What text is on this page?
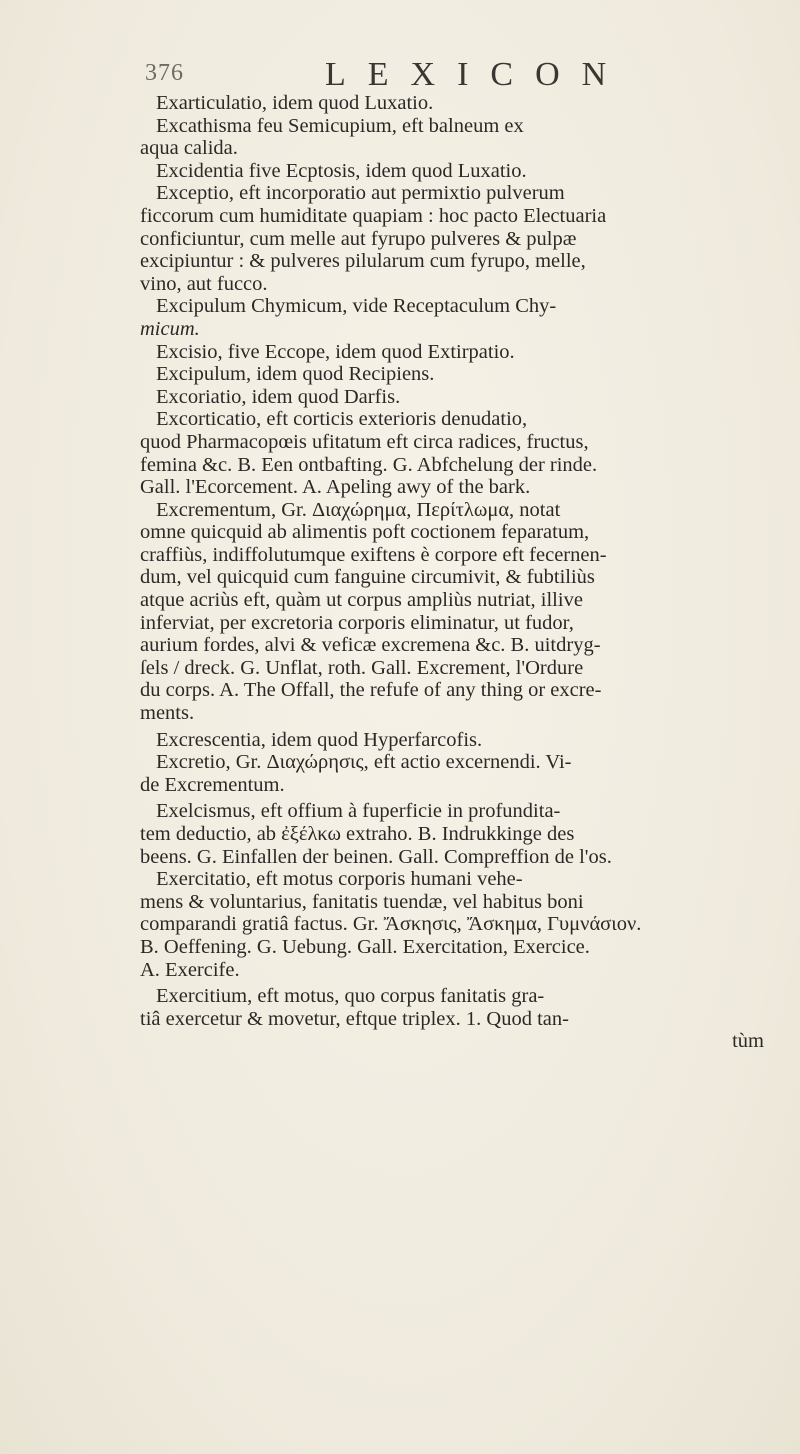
376	LEXICON
Exarticulatio, idem quod Luxatio.
Excathisma feu Semicupium, eft balneum ex
aqua calida.
Excidentia five Ecptosis, idem quod Luxatio.
Exceptio, eft incorporatio aut permixtio pulverum
ficcorum cum humiditate quapiam : hoc pacto Electuaria
conficiuntur, cum melle aut fyrupo pulveres & pulpæ
excipiuntur : & pulveres pilularum cum fyrupo, melle,
vino, aut fucco.
Excipulum Chymicum, vide Receptaculum Chy-
micum.
Excisio, five Eccope, idem quod Extirpatio.
Excipulum, idem quod Recipiens.
Excoriatio, idem quod Darfis.
Excorticatio, eft corticis exterioris denudatio,
quod Pharmacopœis ufitatum eft circa radices, fructus,
femina &c. B. Een ontbafting. G. Abfchelung der rinde.
Gall. l'Ecorcement. A. Apeling awy of the bark.
Excrementum, Gr. Διαχώρημα, Περίτλωμα, notat
omne quicquid ab alimentis poft coctionem feparatum,
craffiùs, indiffolutumque exiftens è corpore eft fecernen-
dum, vel quicquid cum fanguine circumivit, & fubtiliùs
atque acriùs eft, quàm ut corpus ampliùs nutriat, illive
inferviat, per excretoria corporis eliminatur, ut fudor,
aurium fordes, alvi & veficæ excremena &c. B. uitdryg-
ſels / dreck. G. Unflat, roth. Gall. Excrement, l'Ordure
du corps. A. The Offall, the refufe of any thing or excre-
ments.
Excrescentia, idem quod Hyperfarcofis.
Excretio, Gr. Διαχώρησις, eft actio excernendi. Vi-
de Excrementum.
Exelcismus, eft offium à fuperficie in profundita-
tem deductio, ab ἐξέλκω extraho. B. Indrukkinge des
beens. G. Einfallen der beinen. Gall. Compreffion de l'os.
Exercitatio, eft motus corporis humani vehe-
mens & voluntarius, fanitatis tuendæ, vel habitus boni
comparandi gratiâ factus. Gr. Ἄσκησις, Ἄσκημα, Γυμνάσιον.
B. Oeffening. G. Uebung. Gall. Exercitation, Exercice.
A. Exercife.
Exercitium, eft motus, quo corpus fanitatis gra-
tiâ exercetur & movetur, eftque triplex. 1. Quod tan-
tùm
